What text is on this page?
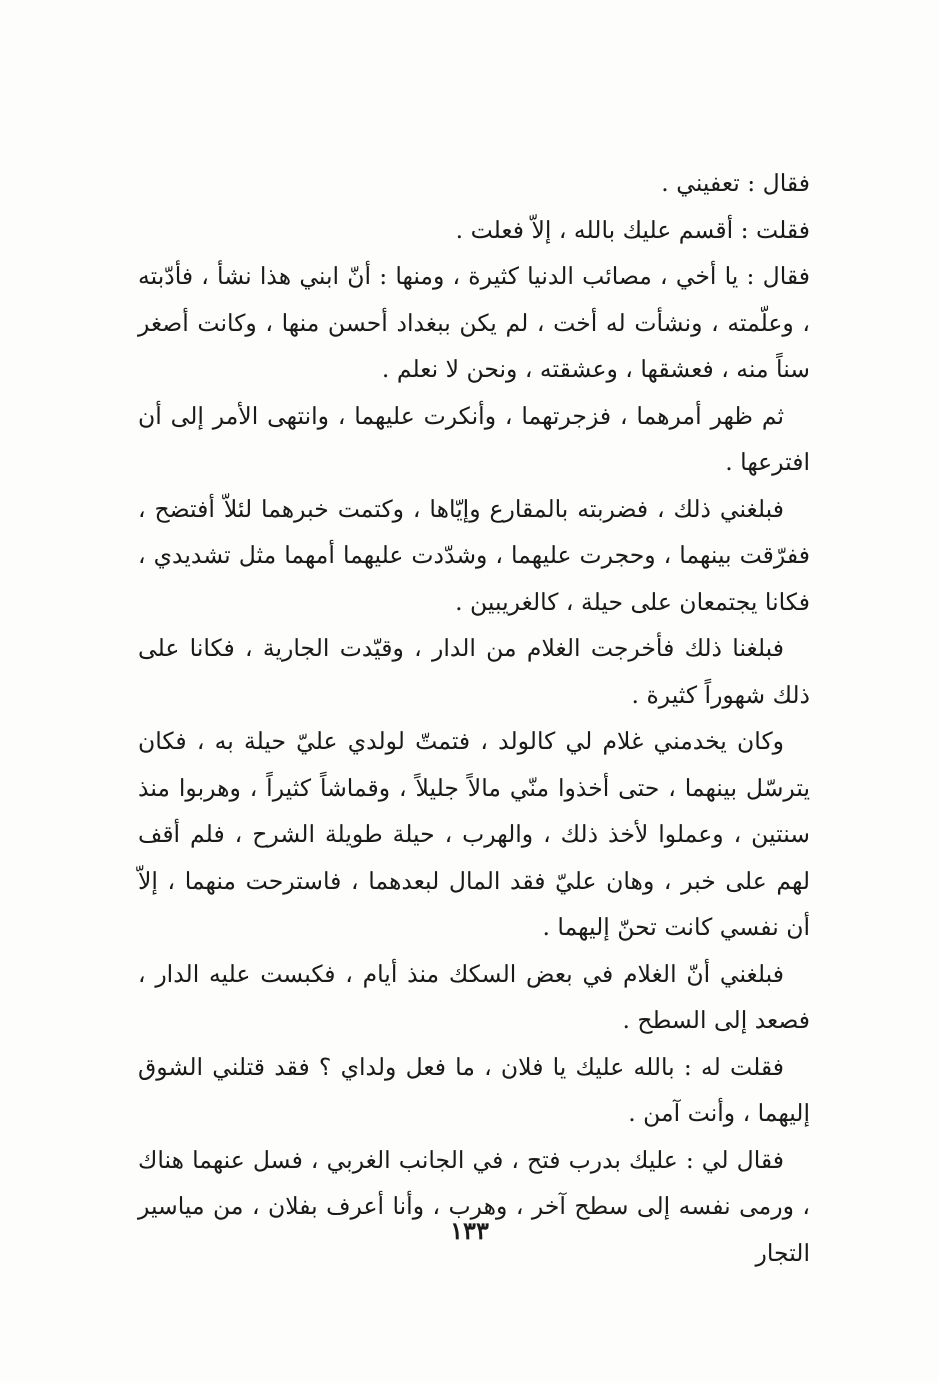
فقال : تعفيني .

فقلت : أقسم عليك بالله ، إلاّ فعلت .

فقال : يا أخي ، مصائب الدنيا كثيرة ، ومنها : أنّ ابني هذا نشأ ، فأدّبته ، وعلّمته ، ونشأت له أخت ، لم يكن ببغداد أحسن منها ، وكانت أصغر سناً منه ، فعشقها ، وعشقته ، ونحن لا نعلم .

ثم ظهر أمرهما ، فزجرتهما ، وأنكرت عليهما ، وانتهى الأمر إلى أن افترعها .

فبلغني ذلك ، فضربته بالمقارع وإيّاها ، وكتمت خبرهما لئلاّ أفتضح ، ففرّقت بينهما ، وحجرت عليهما ، وشدّدت عليهما أمهما مثل تشديدي ، فكانا يجتمعان على حيلة ، كالغريبين .

فبلغنا ذلك فأخرجت الغلام من الدار ، وقيّدت الجارية ، فكانا على ذلك شهوراً كثيرة .

وكان يخدمني غلام لي كالولد ، فتمتّ لولدي عليّ حيلة به ، فكان يترسّل بينهما ، حتى أخذوا منّي مالاً جليلاً ، وقماشاً كثيراً ، وهربوا منذ سنتين ، وعملوا لأخذ ذلك ، والهرب ، حيلة طويلة الشرح ، فلم أقف لهم على خبر ، وهان عليّ فقد المال لبعدهما ، فاسترحت منهما ، إلاّ أن نفسي كانت تحنّ إليهما .

فبلغني أنّ الغلام في بعض السكك منذ أيام ، فكبست عليه الدار ، فصعد إلى السطح .

فقلت له : بالله عليك يا فلان ، ما فعل ولداي ؟ فقد قتلني الشوق إليهما ، وأنت آمن .

فقال لي : عليك بدرب فتح ، في الجانب الغربي ، فسل عنهما هناك ، ورمى نفسه إلى سطح آخر ، وهرب ، وأنا أعرف بفلان ، من مياسير التجار

١٣٣
